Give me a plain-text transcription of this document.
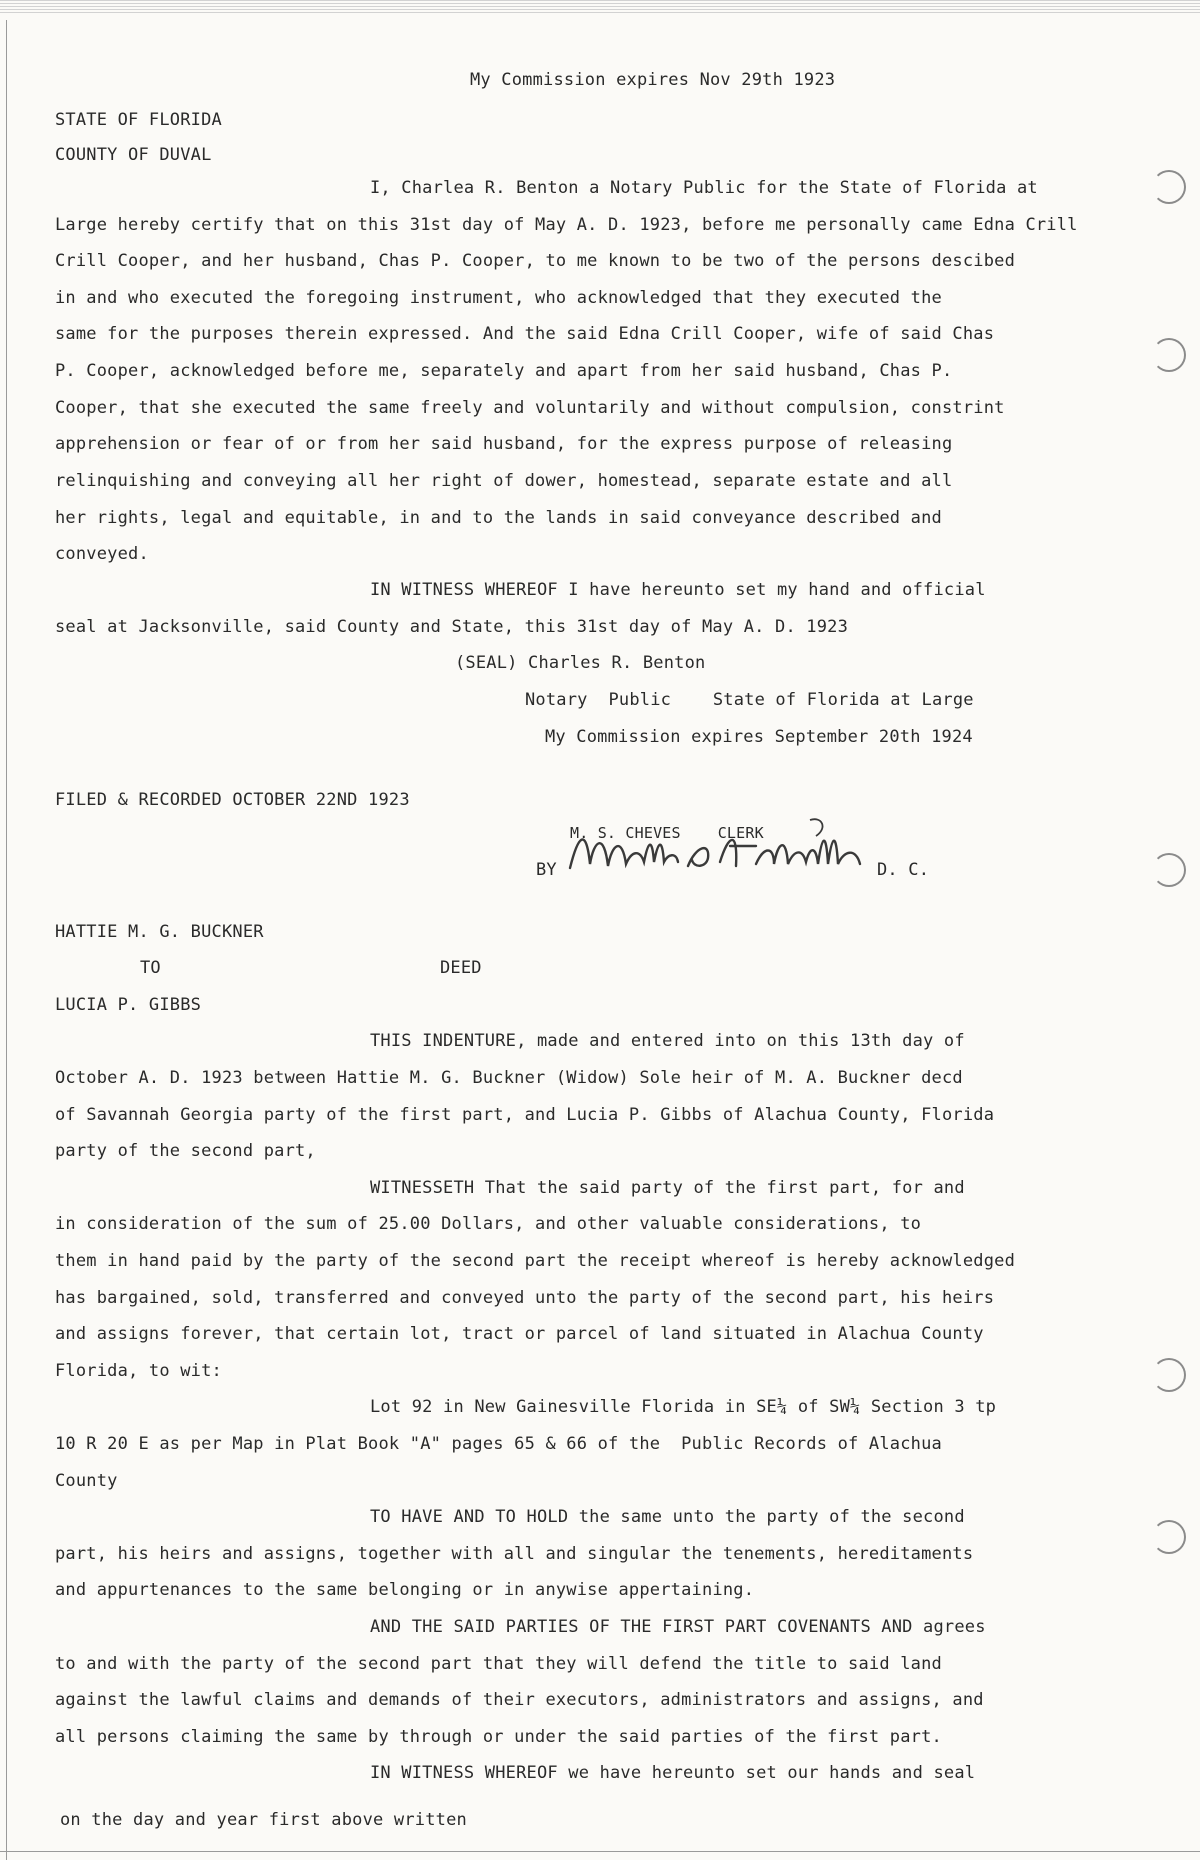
My Commission expires Nov 29th 1923
STATE OF FLORIDA
COUNTY OF DUVAL
I, Charlea R. Benton a Notary Public for the State of Florida at
Large hereby certify that on this 31st day of May A. D. 1923, before me personally came Edna Crill
Crill Cooper, and her husband, Chas P. Cooper, to me known to be two of the persons descibed
in and who executed the foregoing instrument, who acknowledged that they executed the
same for the purposes therein expressed. And the said Edna Crill Cooper, wife of said Chas
P. Cooper, acknowledged before me, separately and apart from her said husband, Chas P.
Cooper, that she executed the same freely and voluntarily and without compulsion, constrint
apprehension or fear of or from her said husband, for the express purpose of releasing
relinquishing and conveying all her right of dower, homestead, separate estate and all
her rights, legal and equitable, in and to the lands in said conveyance described and
conveyed.
IN WITNESS WHEREOF I have hereunto set my hand and official
seal at Jacksonville, said County and State, this 31st day of May A. D. 1923
(SEAL) Charles R. Benton
Notary  Public    State of Florida at Large
My Commission expires September 20th 1924
FILED & RECORDED OCTOBER 22ND 1923
M. S. CHEVES    CLERK
BY	D. C.
HATTIE M. G. BUCKNER
TO	DEED
LUCIA P. GIBBS
THIS INDENTURE, made and entered into on this 13th day of
October A. D. 1923 between Hattie M. G. Buckner (Widow) Sole heir of M. A. Buckner decd
of Savannah Georgia party of the first part, and Lucia P. Gibbs of Alachua County, Florida
party of the second part,
WITNESSETH That the said party of the first part, for and
in consideration of the sum of 25.00 Dollars, and other valuable considerations, to
them in hand paid by the party of the second part the receipt whereof is hereby acknowledged
has bargained, sold, transferred and conveyed unto the party of the second part, his heirs
and assigns forever, that certain lot, tract or parcel of land situated in Alachua County
Florida, to wit:
Lot 92 in New Gainesville Florida in SE¼ of SW¼ Section 3 tp
10 R 20 E as per Map in Plat Book "A" pages 65 & 66 of the  Public Records of Alachua
County
TO HAVE AND TO HOLD the same unto the party of the second
part, his heirs and assigns, together with all and singular the tenements, hereditaments
and appurtenances to the same belonging or in anywise appertaining.
AND THE SAID PARTIES OF THE FIRST PART COVENANTS AND agrees
to and with the party of the second part that they will defend the title to said land
against the lawful claims and demands of their executors, administrators and assigns, and
all persons claiming the same by through or under the said parties of the first part.
IN WITNESS WHEREOF we have hereunto set our hands and seal
on the day and year first above written
